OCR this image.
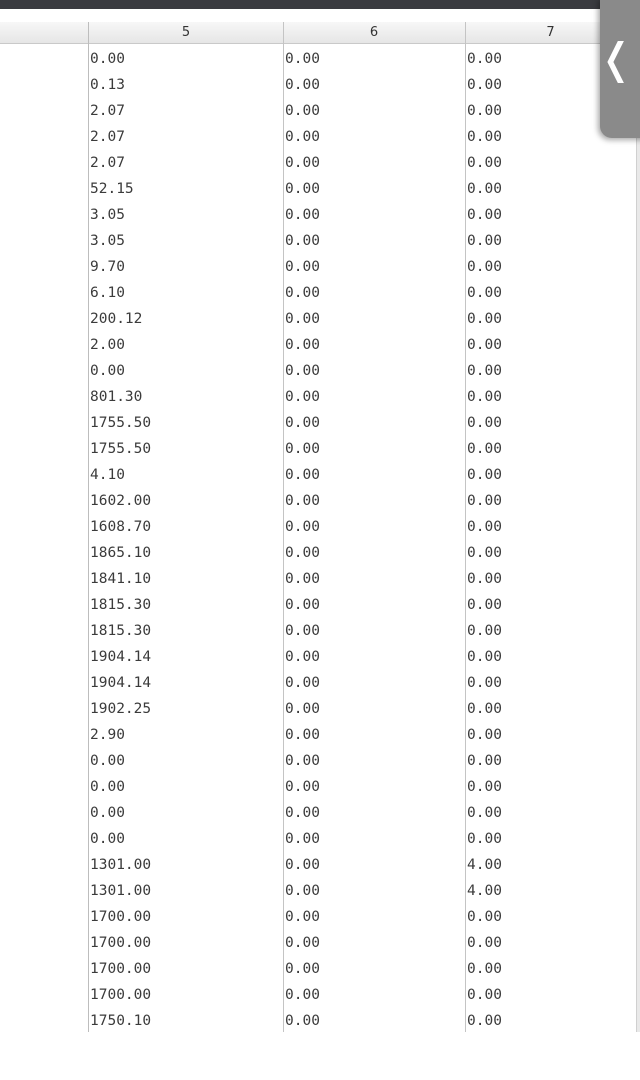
5	6	7
0.00	0.00	0.00
0.13	0.00	0.00
2.07	0.00	0.00
2.07	0.00	0.00
2.07	0.00	0.00
52.15	0.00	0.00
3.05	0.00	0.00
3.05	0.00	0.00
9.70	0.00	0.00
6.10	0.00	0.00
200.12	0.00	0.00
2.00	0.00	0.00
0.00	0.00	0.00
801.30	0.00	0.00
1755.50	0.00	0.00
1755.50	0.00	0.00
4.10	0.00	0.00
1602.00	0.00	0.00
1608.70	0.00	0.00
1865.10	0.00	0.00
1841.10	0.00	0.00
1815.30	0.00	0.00
1815.30	0.00	0.00
1904.14	0.00	0.00
1904.14	0.00	0.00
1902.25	0.00	0.00
2.90	0.00	0.00
0.00	0.00	0.00
0.00	0.00	0.00
0.00	0.00	0.00
0.00	0.00	0.00
1301.00	0.00	4.00
1301.00	0.00	4.00
1700.00	0.00	0.00
1700.00	0.00	0.00
1700.00	0.00	0.00
1700.00	0.00	0.00
1750.10	0.00	0.00
❬
